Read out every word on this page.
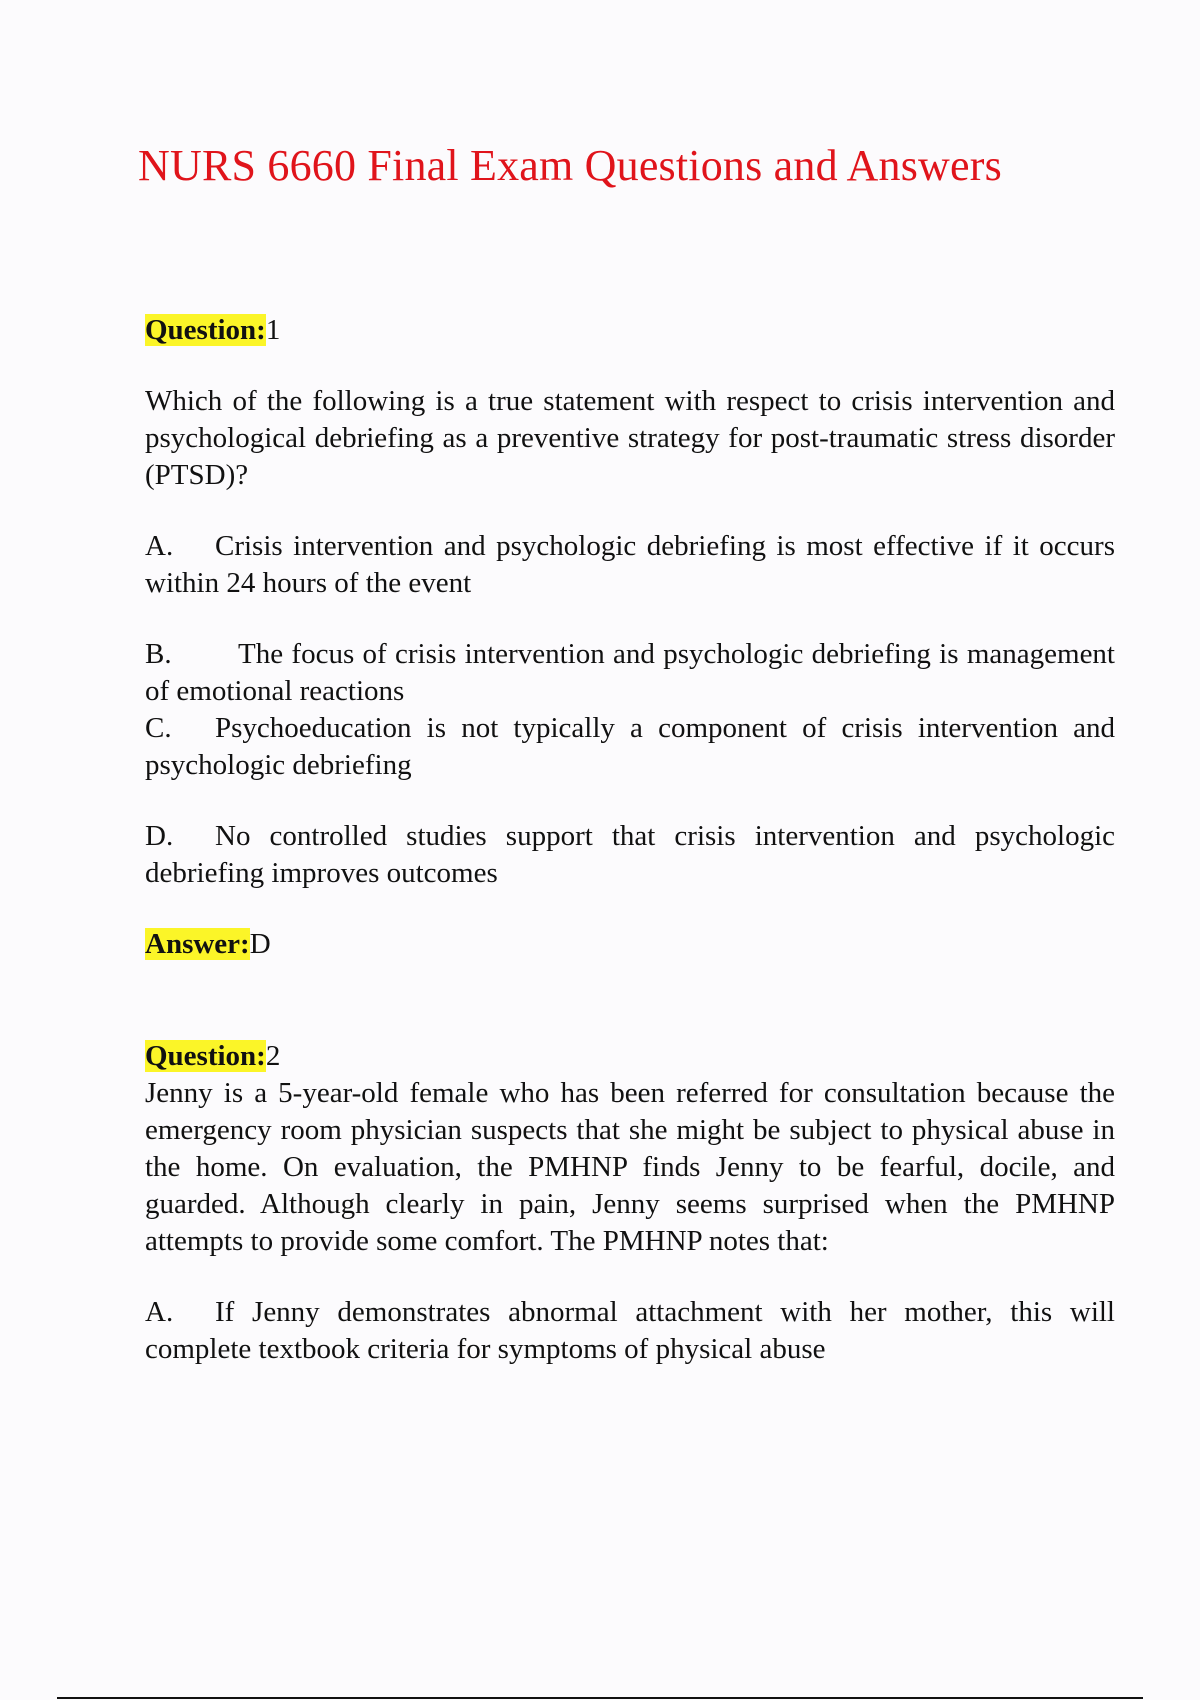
NURS 6660 Final Exam Questions and Answers

Question:1

Which of the following is a true statement with respect to crisis intervention and psychological debriefing as a preventive strategy for post-traumatic stress disorder (PTSD)?

A. Crisis intervention and psychologic debriefing is most effective if it occurs within 24 hours of the event

B. The focus of crisis intervention and psychologic debriefing is management of emotional reactions

C. Psychoeducation is not typically a component of crisis intervention and psychologic debriefing

D. No controlled studies support that crisis intervention and psychologic debriefing improves outcomes

Answer:D

Question:2

Jenny is a 5-year-old female who has been referred for consultation because the emergency room physician suspects that she might be subject to physical abuse in the home. On evaluation, the PMHNP finds Jenny to be fearful, docile, and guarded. Although clearly in pain, Jenny seems surprised when the PMHNP attempts to provide some comfort. The PMHNP notes that:

A. If Jenny demonstrates abnormal attachment with her mother, this will complete textbook criteria for symptoms of physical abuse
